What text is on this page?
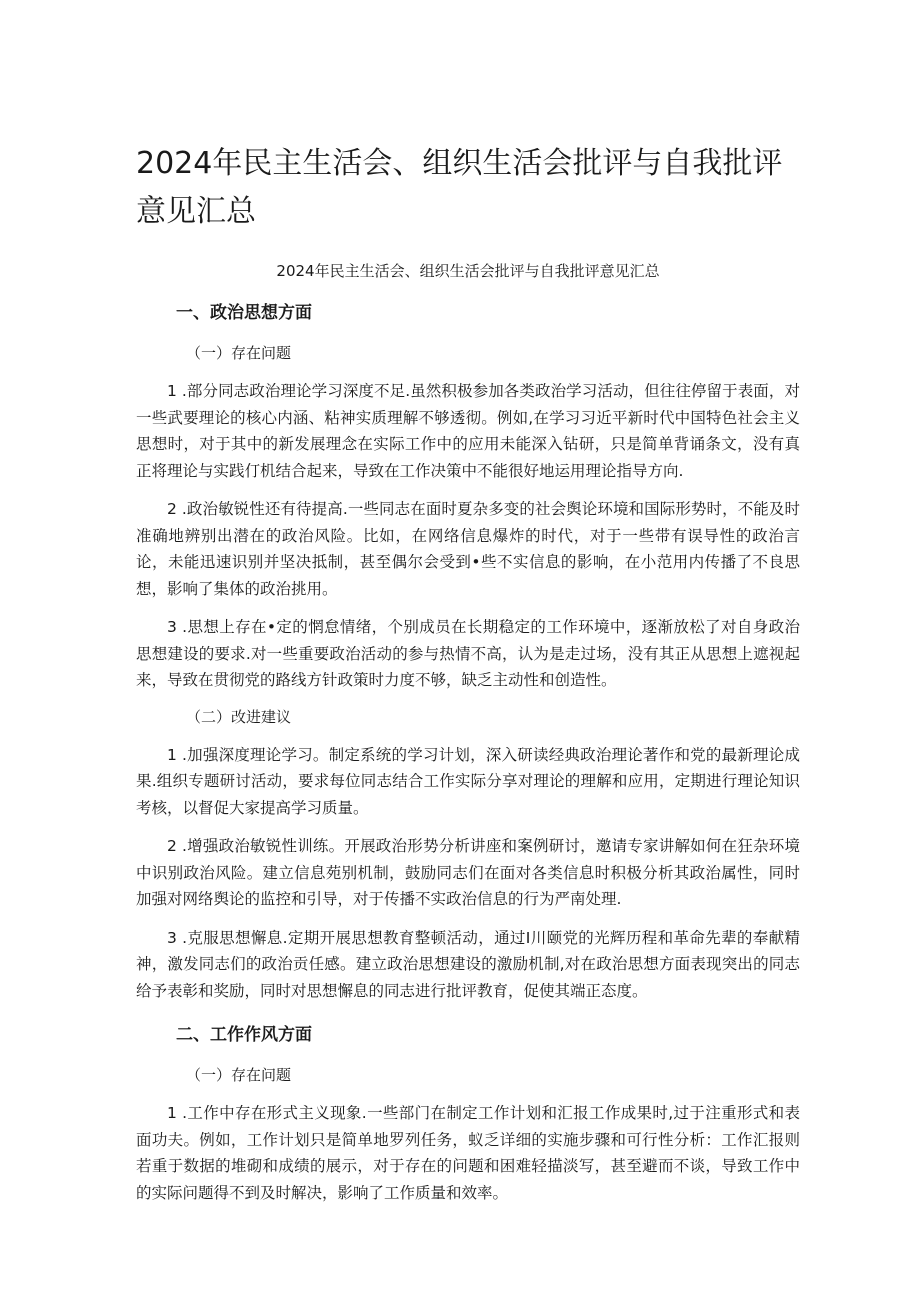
2024年民主生活会、组织生活会批评与自我批评意见汇总
2024年民主生活会、组织生活会批评与自我批评意见汇总
一、政治思想方面
（一）存在问题

1 .部分同志政治理论学习深度不足.虽然积极参加各类政治学习活动，但往往停留于表面，对一些武要理论的核心内涵、粘神实质理解不够透彻。例如,在学习习近平新时代中国特色社会主义思想时，对于其中的新发展理念在实际工作中的应用未能深入钻研，只是简单背诵条文，没有真正将理论与实践仃机结合起来，导致在工作决策中不能很好地运用理论指导方向.

2 .政治敏锐性还有待提高.一些同志在面时夏杂多变的社会舆论环境和国际形势时，不能及时准确地辨别出潜在的政治风险。比如，在网络信息爆炸的时代，对于一些带有误导性的政治言论，未能迅速识别并坚决抵制，甚至偶尔会受到•些不实信息的影响，在小范用内传播了不良思想，影响了集体的政治挑用。

3 .思想上存在•定的惘怠情绪，个别成员在长期稳定的工作环境中，逐渐放松了对自身政治思想建设的要求.对一些重要政治活动的参与热情不高，认为是走过场，没有其正从思想上遮视起来，导致在贯彻党的路线方针政策时力度不够，缺乏主动性和创造性。

（二）改进建议

1 .加强深度理论学习。制定系统的学习计划，深入研读经典政治理论著作和党的最新理论成果.组织专题研讨活动，要求每位同志结合工作实际分享对理论的理解和应用，定期进行理论知识考核，以督促大家提高学习质量。

2 .增强政治敏锐性训练。开展政治形势分析讲座和案例研讨，邀请专家讲解如何在狂杂环境中识别政治风险。建立信息苑别机制，鼓励同志们在面对各类信息时积极分析其政治属性，同时加强对网络舆论的监控和引导，对于传播不实政治信息的行为严南处理.

3 .克服思想懈息.定期开展思想教育整顿活动，通过I川颐党的光辉历程和革命先辈的奉献精神，激发同志们的政治贡任感。建立政治思想建设的激励机制,对在政治思想方面表现突出的同志给予表彰和奖励，同时对思想懈息的同志进行批评教育，促使其端正态度。

二、工作作风方面
（一）存在问题

1 .工作中存在形式主义现象.一些部门在制定工作计划和汇报工作成果时,过于注重形式和表面功夫。例如，工作计划只是简单地罗列任务，蚁乏详细的实施步骤和可行性分析：工作汇报则若重于数据的堆砌和成绩的展示，对于存在的问题和困难轻描淡写，甚至避而不谈，导致工作中的实际问题得不到及时解决，影响了工作质量和效率。
